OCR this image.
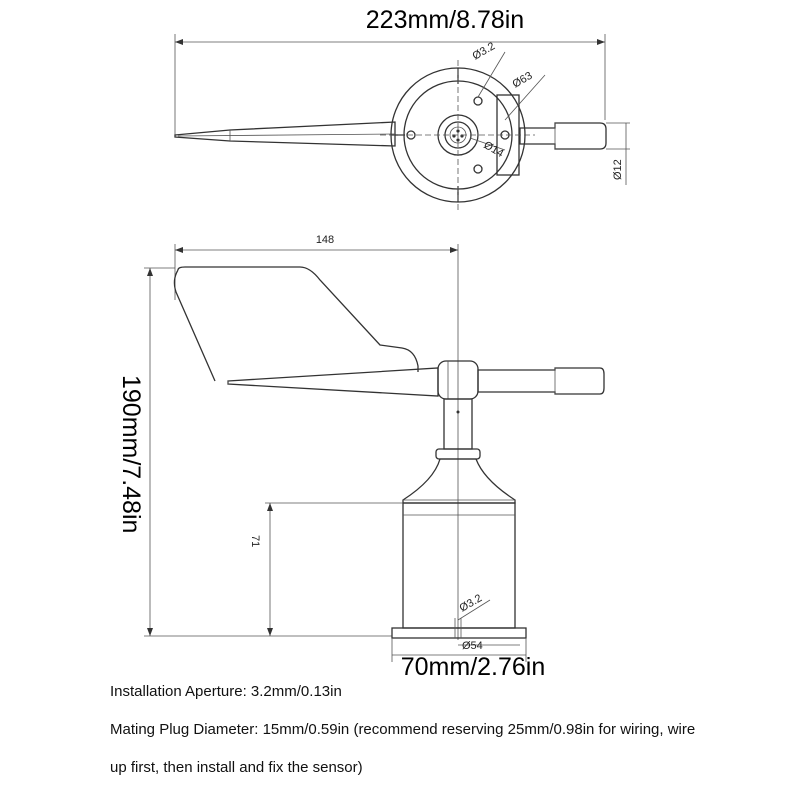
223mm/8.78in
Ø12
Ø3.2
Ø63
Ø14
148
190mm/7.48in
71
Ø3.2
Ø54
70mm/2.76in
Installation Aperture: 3.2mm/0.13in
Mating Plug Diameter: 15mm/0.59in (recommend reserving 25mm/0.98in for wiring, wire
up first, then install and fix the sensor)
